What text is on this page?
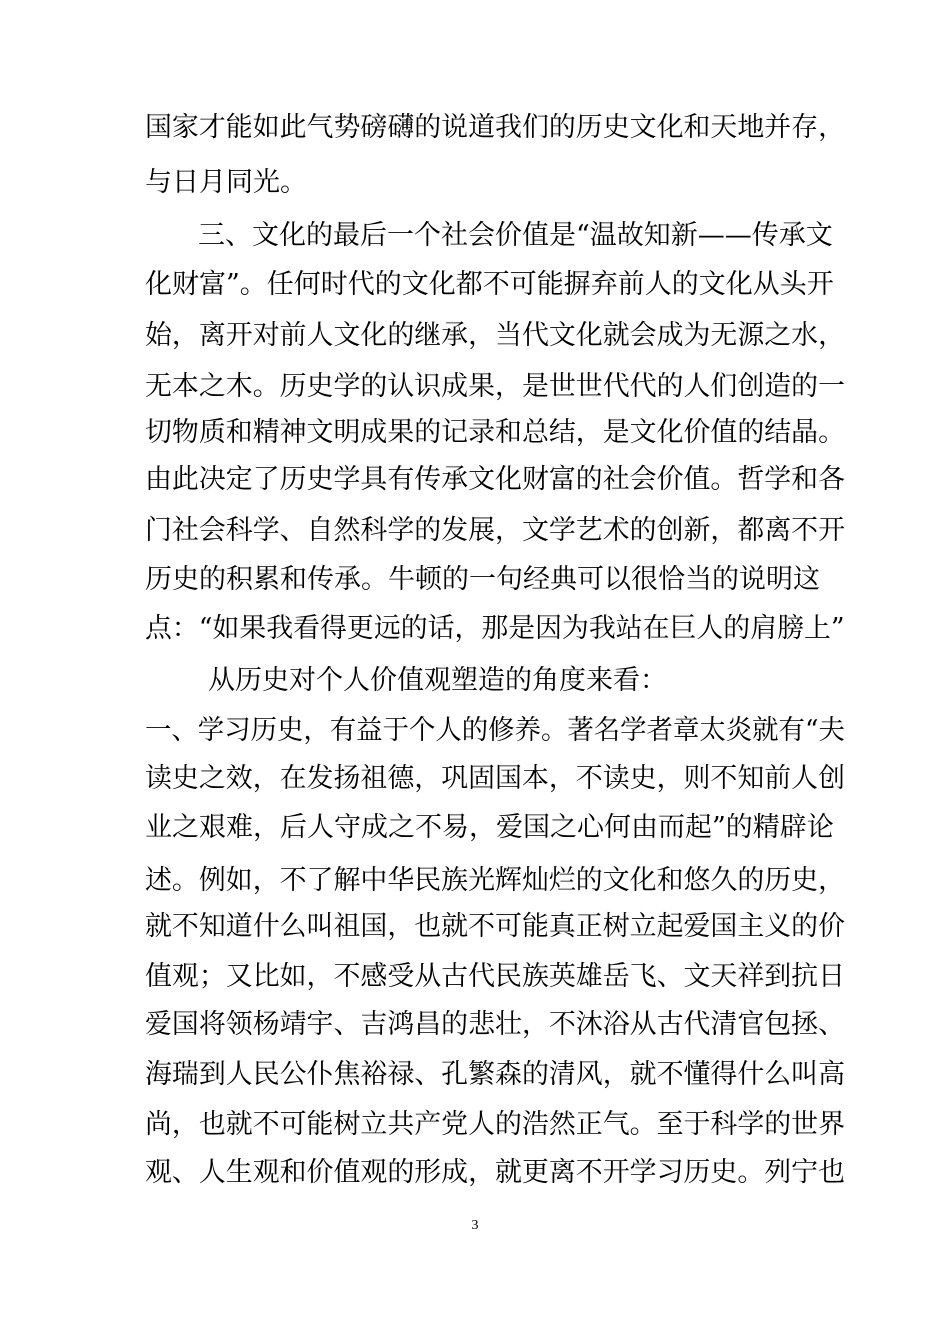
国家才能如此气势磅礴的说道我们的历史文化和天地并存，
与日月同光。
三、文化的最后一个社会价值是“温故知新——传承文
化财富”。任何时代的文化都不可能摒弃前人的文化从头开
始，离开对前人文化的继承，当代文化就会成为无源之水，
无本之木。历史学的认识成果，是世世代代的人们创造的一
切物质和精神文明成果的记录和总结，是文化价值的结晶。
由此决定了历史学具有传承文化财富的社会价值。哲学和各
门社会科学、自然科学的发展，文学艺术的创新，都离不开
历史的积累和传承。牛顿的一句经典可以很恰当的说明这
点：“如果我看得更远的话，那是因为我站在巨人的肩膀上”
从历史对个人价值观塑造的角度来看：
一、学习历史，有益于个人的修养。著名学者章太炎就有“夫
读史之效，在发扬祖德，巩固国本，不读史，则不知前人创
业之艰难，后人守成之不易，爱国之心何由而起”的精辟论
述。例如，不了解中华民族光辉灿烂的文化和悠久的历史，
就不知道什么叫祖国，也就不可能真正树立起爱国主义的价
值观；又比如，不感受从古代民族英雄岳飞、文天祥到抗日
爱国将领杨靖宇、吉鸿昌的悲壮，不沐浴从古代清官包拯、
海瑞到人民公仆焦裕禄、孔繁森的清风，就不懂得什么叫高
尚，也就不可能树立共产党人的浩然正气。至于科学的世界
观、人生观和价值观的形成，就更离不开学习历史。列宁也
3
